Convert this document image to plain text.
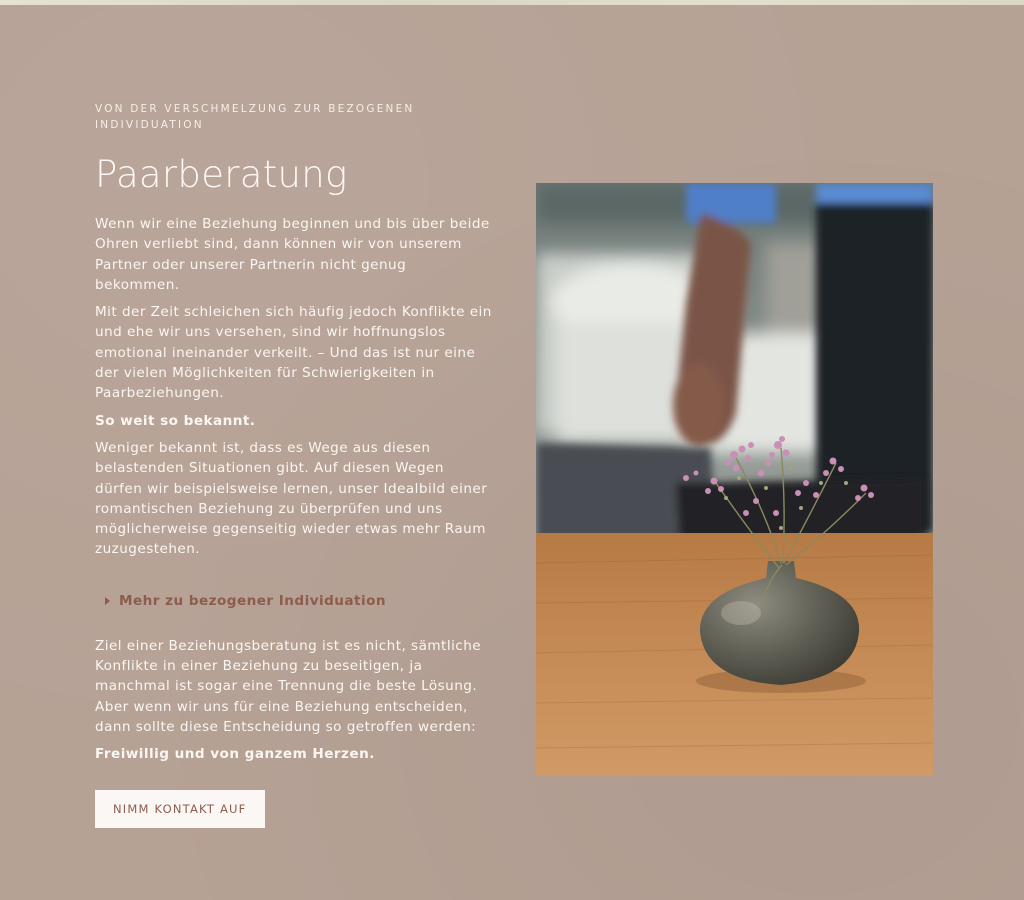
VON DER VERSCHMELZUNG ZUR BEZOGENEN INDIVIDUATION
Paarberatung

Wenn wir eine Beziehung beginnen und bis über beide Ohren verliebt sind, dann können wir von unserem Partner oder unserer Partnerin nicht genug bekommen.

Mit der Zeit schleichen sich häufig jedoch Konflikte ein und ehe wir uns versehen, sind wir hoffnungslos emotional ineinander verkeilt. – Und das ist nur eine der vielen Möglichkeiten für Schwierigkeiten in Paarbeziehungen.

So weit so bekannt.

Weniger bekannt ist, dass es Wege aus diesen belastenden Situationen gibt. Auf diesen Wegen dürfen wir beispielsweise lernen, unser Idealbild einer romantischen Beziehung zu überprüfen und uns möglicherweise gegenseitig wieder etwas mehr Raum zuzugestehen.

Mehr zu bezogener Individuation

Ziel einer Beziehungsberatung ist es nicht, sämtliche Konflikte in einer Beziehung zu beseitigen, ja manchmal ist sogar eine Trennung die beste Lösung. Aber wenn wir uns für eine Beziehung entscheiden, dann sollte diese Entscheidung so getroffen werden:

Freiwillig und von ganzem Herzen.

NIMM KONTAKT AUF
